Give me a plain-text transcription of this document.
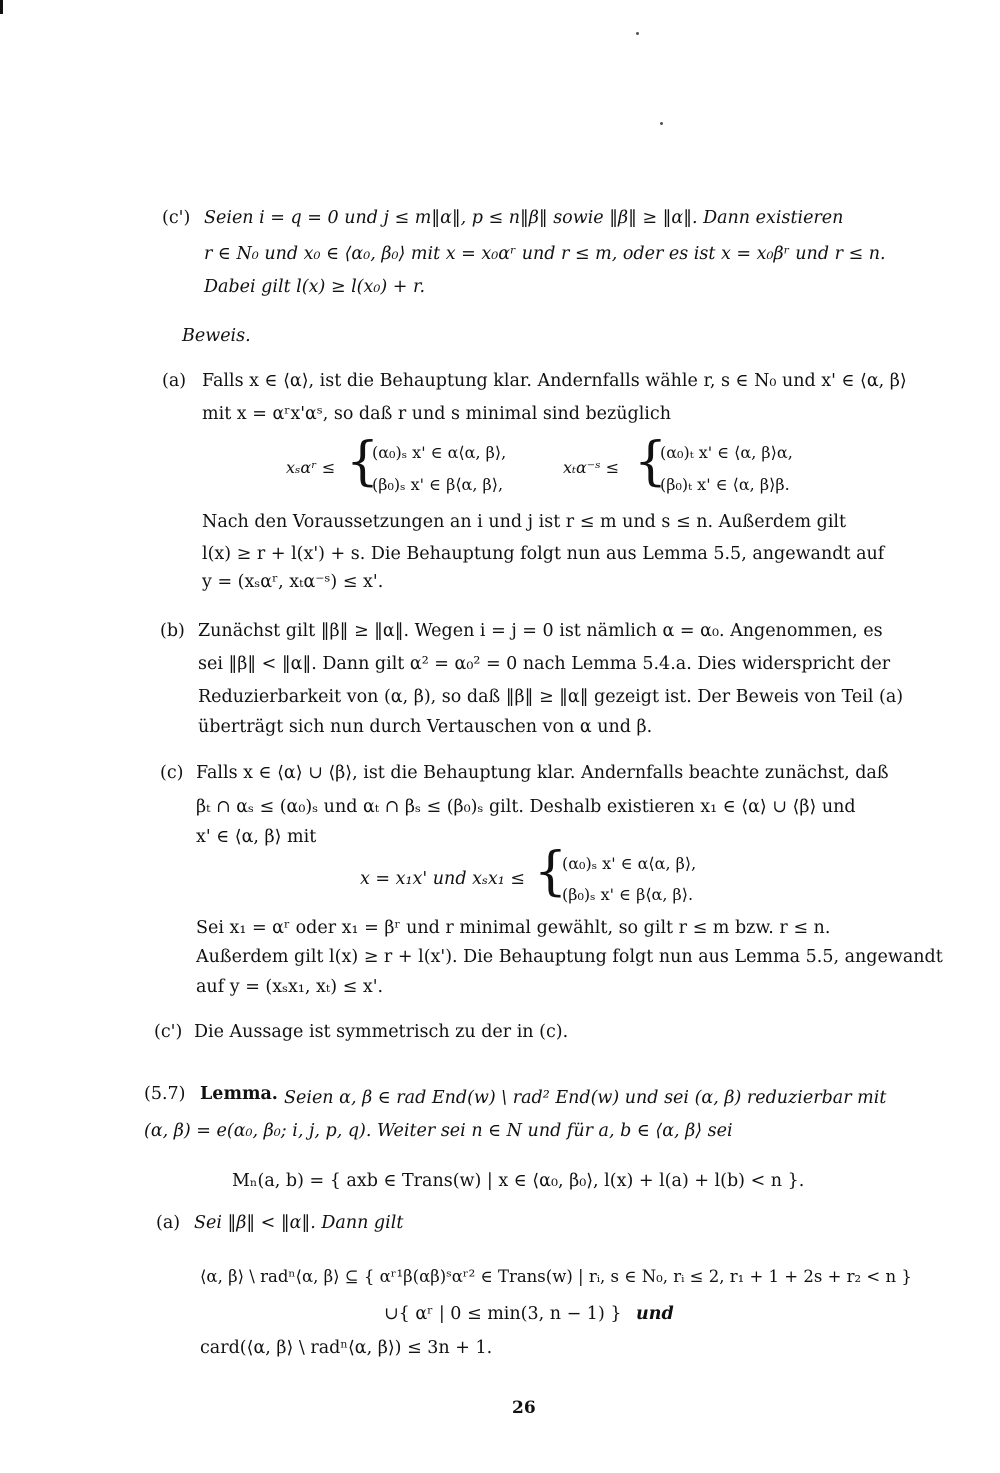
(c') Seien i = q = 0 und j ≤ m‖α‖, p ≤ n‖β‖ sowie ‖β‖ ≥ ‖α‖. Dann existieren
r ∈ N₀ und x₀ ∈ ⟨α₀, β₀⟩ mit x = x₀αʳ und r ≤ m, oder es ist x = x₀βʳ und r ≤ n.
Dabei gilt l(x) ≥ l(x₀) + r.
Beweis.
(a) Falls x ∈ ⟨α⟩, ist die Behauptung klar. Andernfalls wähle r, s ∈ N₀ und x' ∈ ⟨α, β⟩
mit x = αʳx'αˢ, so daß r und s minimal sind bezüglich
xₛαʳ ≤ {
(α₀)ₛ x' ∈ α⟨α, β⟩,
(β₀)ₛ x' ∈ β⟨α, β⟩,
xₜα⁻ˢ ≤ {
(α₀)ₜ x' ∈ ⟨α, β⟩α,
(β₀)ₜ x' ∈ ⟨α, β⟩β.
Nach den Voraussetzungen an i und j ist r ≤ m und s ≤ n. Außerdem gilt
l(x) ≥ r + l(x') + s. Die Behauptung folgt nun aus Lemma 5.5, angewandt auf
y = (xₛαʳ, xₜα⁻ˢ) ≤ x'.
(b) Zunächst gilt ‖β‖ ≥ ‖α‖. Wegen i = j = 0 ist nämlich α = α₀. Angenommen, es
sei ‖β‖ < ‖α‖. Dann gilt α² = α₀² = 0 nach Lemma 5.4.a. Dies widerspricht der
Reduzierbarkeit von (α, β), so daß ‖β‖ ≥ ‖α‖ gezeigt ist. Der Beweis von Teil (a)
überträgt sich nun durch Vertauschen von α und β.
(c) Falls x ∈ ⟨α⟩ ∪ ⟨β⟩, ist die Behauptung klar. Andernfalls beachte zunächst, daß
βₜ ∩ αₛ ≤ (α₀)ₛ und αₜ ∩ βₛ ≤ (β₀)ₛ gilt. Deshalb existieren x₁ ∈ ⟨α⟩ ∪ ⟨β⟩ und
x' ∈ ⟨α, β⟩ mit
x = x₁x' und xₛx₁ ≤ {
(α₀)ₛ x' ∈ α⟨α, β⟩,
(β₀)ₛ x' ∈ β⟨α, β⟩.
Sei x₁ = αʳ oder x₁ = βʳ und r minimal gewählt, so gilt r ≤ m bzw. r ≤ n.
Außerdem gilt l(x) ≥ r + l(x'). Die Behauptung folgt nun aus Lemma 5.5, angewandt
auf y = (xₛx₁, xₜ) ≤ x'.
(c') Die Aussage ist symmetrisch zu der in (c).
(5.7) Lemma. Seien α, β ∈ rad End(w) \ rad² End(w) und sei (α, β) reduzierbar mit
(α, β) = e(α₀, β₀; i, j, p, q). Weiter sei n ∈ N und für a, b ∈ ⟨α, β⟩ sei
Mₙ(a, b) = { axb ∈ Trans(w) | x ∈ ⟨α₀, β₀⟩, l(x) + l(a) + l(b) < n }.
(a) Sei ‖β‖ < ‖α‖. Dann gilt
⟨α, β⟩ \ radⁿ⟨α, β⟩ ⊆ { αʳ¹β(αβ)ˢαʳ² ∈ Trans(w) | rᵢ, s ∈ N₀, rᵢ ≤ 2, r₁ + 1 + 2s + r₂ < n }
∪{ αʳ | 0 ≤ min(3, n − 1) } und
card(⟨α, β⟩ \ radⁿ⟨α, β⟩) ≤ 3n + 1.
26
